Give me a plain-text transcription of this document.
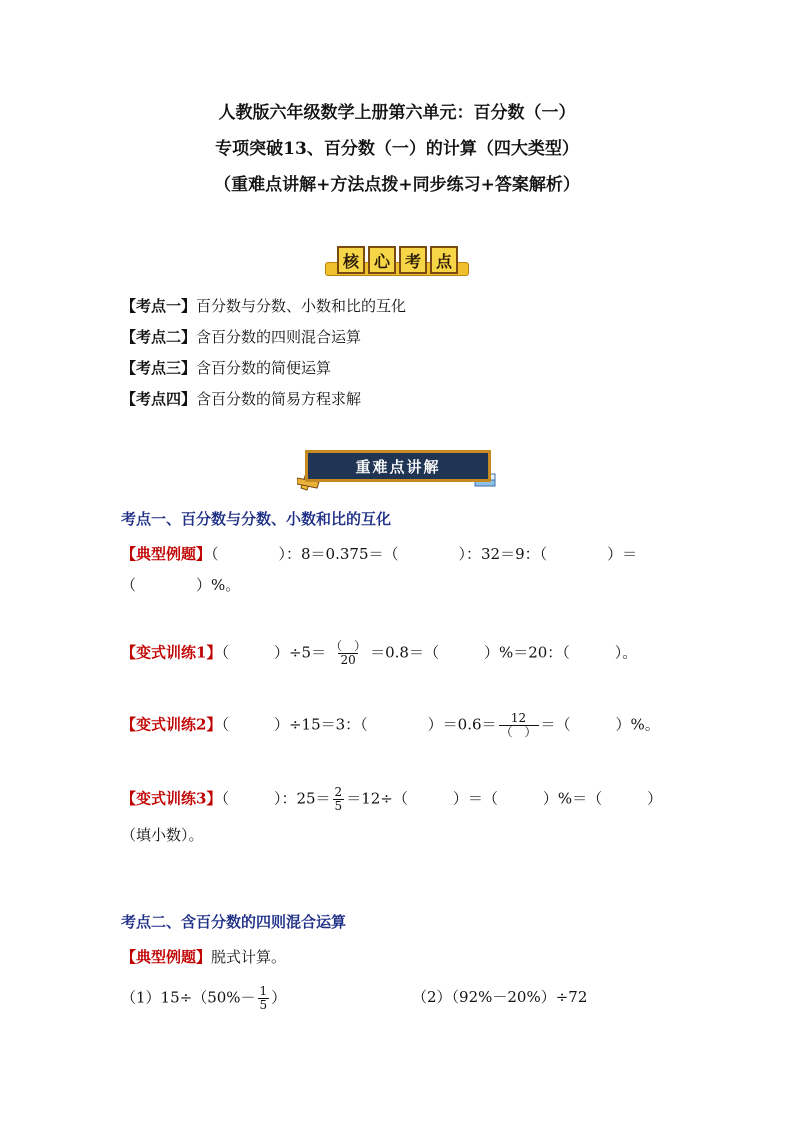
人教版六年级数学上册第六单元：百分数（一）
专项突破13、百分数（一）的计算（四大类型）
（重难点讲解+方法点拨+同步练习+答案解析）
核 心 考 点
【考点一】百分数与分数、小数和比的互化
【考点二】含百分数的四则混合运算
【考点三】含百分数的简便运算
【考点四】含百分数的简易方程求解
重难点讲解
考点一、百分数与分数、小数和比的互化
【典型例题】（　　　　）：8＝0.375＝（　　　　）：32＝9：（　　　　）＝
（　　　　）%。
【变式训练1】（　　　）$\div 5= \frac{( )}{20} =0.8=$（　　　）%＝20：（　　　）。
【变式训练2】（　　　）÷15＝3：（　　　　）$=0.6= \frac{12}{( )}$ ＝（　　　）%。
【变式训练3】（　　　）：$25= \frac{2}{5} =12\div$（　　　）＝（　　　）%＝（　　　）
（填小数）。
考点二、含百分数的四则混合运算
【典型例题】脱式计算。
$(1)15\div(50\%- \frac{1}{5}$ ）	（2）（92%－20%）÷72
